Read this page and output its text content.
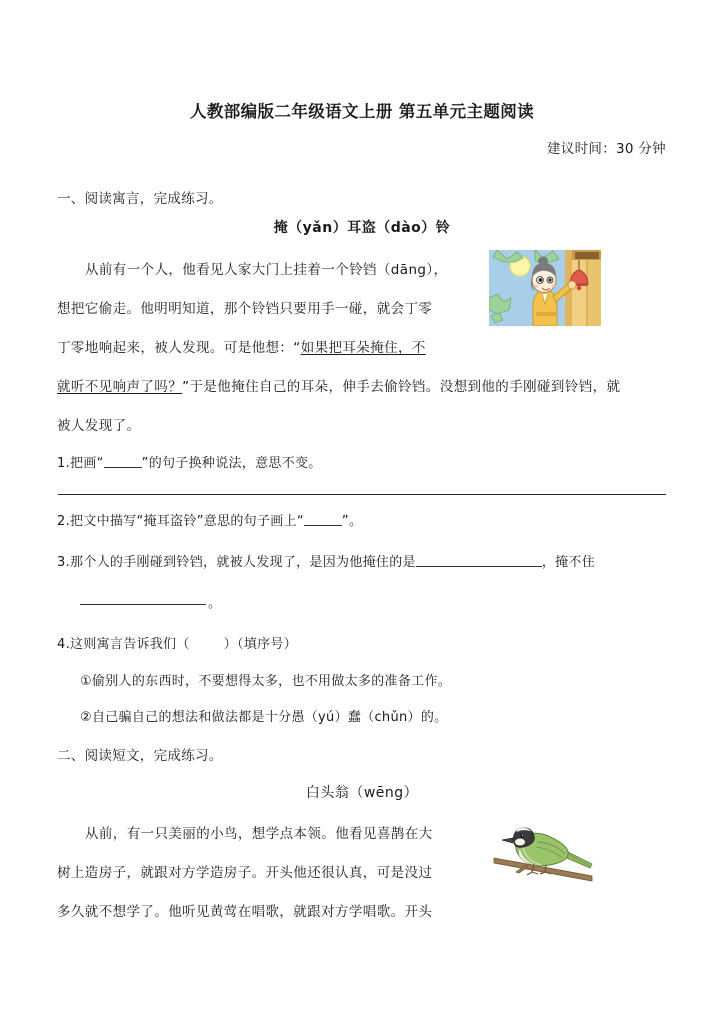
人教部编版二年级语文上册 第五单元主题阅读
建议时间：30 分钟
一、阅读寓言，完成练习。
掩（yǎn）耳盗（dào）铃
从前有一个人，他看见人家大门上挂着一个铃铛（dāng），
想把它偷走。他明明知道，那个铃铛只要用手一碰，就会丁零
丁零地响起来，被人发现。可是他想：“如果把耳朵掩住，不
就听不见响声了吗？”于是他掩住自己的耳朵，伸手去偷铃铛。没想到他的手刚碰到铃铛，就
被人发现了。
1.把画“	”的句子换种说法，意思不变。
2.把文中描写“掩耳盗铃”意思的句子画上“	”。
3.那个人的手刚碰到铃铛，就被人发现了，是因为他掩住的是	，掩不住
。
4.这则寓言告诉我们（	）（填序号）
①偷别人的东西时，不要想得太多，也不用做太多的准备工作。
②自己骗自己的想法和做法都是十分愚（yú）蠢（chǔn）的。
二、阅读短文，完成练习。
白头翁（wēng）
从前，有一只美丽的小鸟，想学点本领。他看见喜鹊在大
树上造房子，就跟对方学造房子。开头他还很认真，可是没过
多久就不想学了。他听见黄莺在唱歌，就跟对方学唱歌。开头
